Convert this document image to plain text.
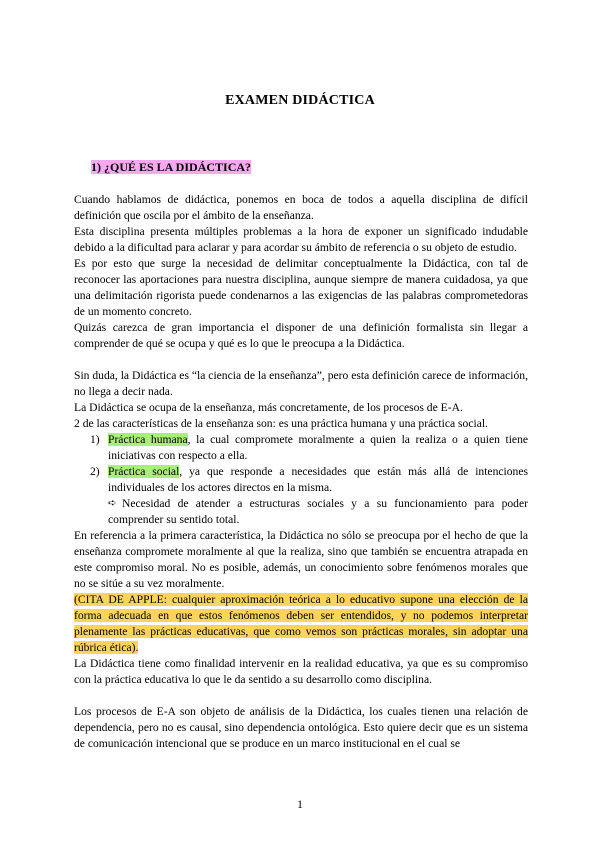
EXAMEN DIDÁCTICA
1) ¿QUÉ ES LA DIDÁCTICA?

Cuando hablamos de didáctica, ponemos en boca de todos a aquella disciplina de difícil definición que oscila por el ámbito de la enseñanza.

Esta disciplina presenta múltiples problemas a la hora de exponer un significado indudable debido a la dificultad para aclarar y para acordar su ámbito de referencia o su objeto de estudio.

Es por esto que surge la necesidad de delimitar conceptualmente la Didáctica, con tal de reconocer las aportaciones para nuestra disciplina, aunque siempre de manera cuidadosa, ya que una delimitación rigorista puede condenarnos a las exigencias de las palabras comprometedoras de un momento concreto.

Quizás carezca de gran importancia el disponer de una definición formalista sin llegar a comprender de qué se ocupa y qué es lo que le preocupa a la Didáctica.

Sin duda, la Didáctica es “la ciencia de la enseñanza”, pero esta definición carece de información, no llega a decir nada.

La Didáctica se ocupa de la enseñanza, más concretamente, de los procesos de E-A.

2 de las características de la enseñanza son: es una práctica humana y una práctica social.

1) Práctica humana, la cual compromete moralmente a quien la realiza o a quien tiene iniciativas con respecto a ella.
2) Práctica social, ya que responde a necesidades que están más allá de intenciones individuales de los actores directos en la misma.
➪ Necesidad de atender a estructuras sociales y a su funcionamiento para poder comprender su sentido total.

En referencia a la primera característica, la Didáctica no sólo se preocupa por el hecho de que la enseñanza compromete moralmente al que la realiza, sino que también se encuentra atrapada en este compromiso moral. No es posible, además, un conocimiento sobre fenómenos morales que no se sitúe a su vez moralmente.

(CITA DE APPLE: cualquier aproximación teórica a lo educativo supone una elección de la forma adecuada en que estos fenómenos deben ser entendidos, y no podemos interpretar plenamente las prácticas educativas, que como vemos son prácticas morales, sin adoptar una rúbrica ética).

La Didáctica tiene como finalidad intervenir en la realidad educativa, ya que es su compromiso con la práctica educativa lo que le da sentido a su desarrollo como disciplina.

Los procesos de E-A son objeto de análisis de la Didáctica, los cuales tienen una relación de dependencia, pero no es causal, sino dependencia ontológica. Esto quiere decir que es un sistema de comunicación intencional que se produce en un marco institucional en el cual se

1
